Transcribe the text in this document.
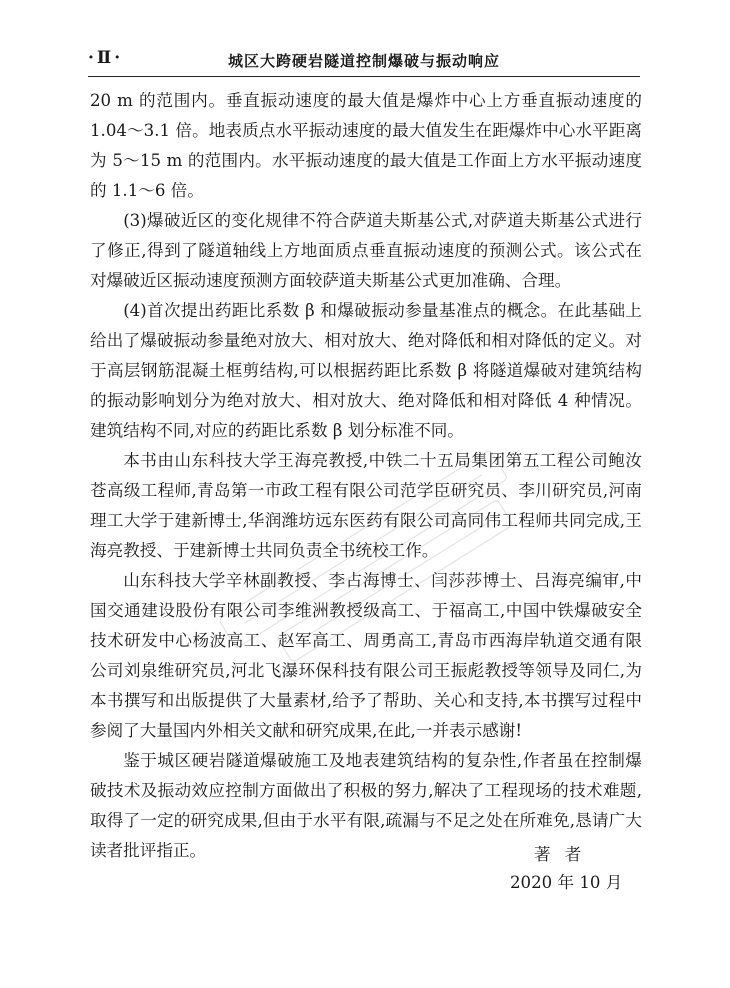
·Ⅱ·	城区大跨硬岩隧道控制爆破与振动响应

20 m 的范围内。垂直振动速度的最大值是爆炸中心上方垂直振动速度的 1.04～3.1 倍。地表质点水平振动速度的最大值发生在距爆炸中心水平距离为 5～15 m 的范围内。水平振动速度的最大值是工作面上方水平振动速度的 1.1～6 倍。

(3)爆破近区的变化规律不符合萨道夫斯基公式,对萨道夫斯基公式进行了修正,得到了隧道轴线上方地面质点垂直振动速度的预测公式。该公式在对爆破近区振动速度预测方面较萨道夫斯基公式更加准确、合理。

(4)首次提出药距比系数 β 和爆破振动参量基准点的概念。在此基础上给出了爆破振动参量绝对放大、相对放大、绝对降低和相对降低的定义。对于高层钢筋混凝土框剪结构,可以根据药距比系数 β 将隧道爆破对建筑结构的振动影响划分为绝对放大、相对放大、绝对降低和相对降低 4 种情况。建筑结构不同,对应的药距比系数 β 划分标准不同。

本书由山东科技大学王海亮教授,中铁二十五局集团第五工程公司鲍汝苍高级工程师,青岛第一市政工程有限公司范学臣研究员、李川研究员,河南理工大学于建新博士,华润潍坊远东医药有限公司高同伟工程师共同完成,王海亮教授、于建新博士共同负责全书统校工作。

山东科技大学辛林副教授、李占海博士、闫莎莎博士、吕海亮编审,中国交通建设股份有限公司李维洲教授级高工、于福高工,中国中铁爆破安全技术研发中心杨波高工、赵军高工、周勇高工,青岛市西海岸轨道交通有限公司刘泉维研究员,河北飞瀑环保科技有限公司王振彪教授等领导及同仁,为本书撰写和出版提供了大量素材,给予了帮助、关心和支持,本书撰写过程中参阅了大量国内外相关文献和研究成果,在此,一并表示感谢!

鉴于城区硬岩隧道爆破施工及地表建筑结构的复杂性,作者虽在控制爆破技术及振动效应控制方面做出了积极的努力,解决了工程现场的技术难题,取得了一定的研究成果,但由于水平有限,疏漏与不足之处在所难免,恳请广大读者批评指正。	著者
2020 年 10 月
